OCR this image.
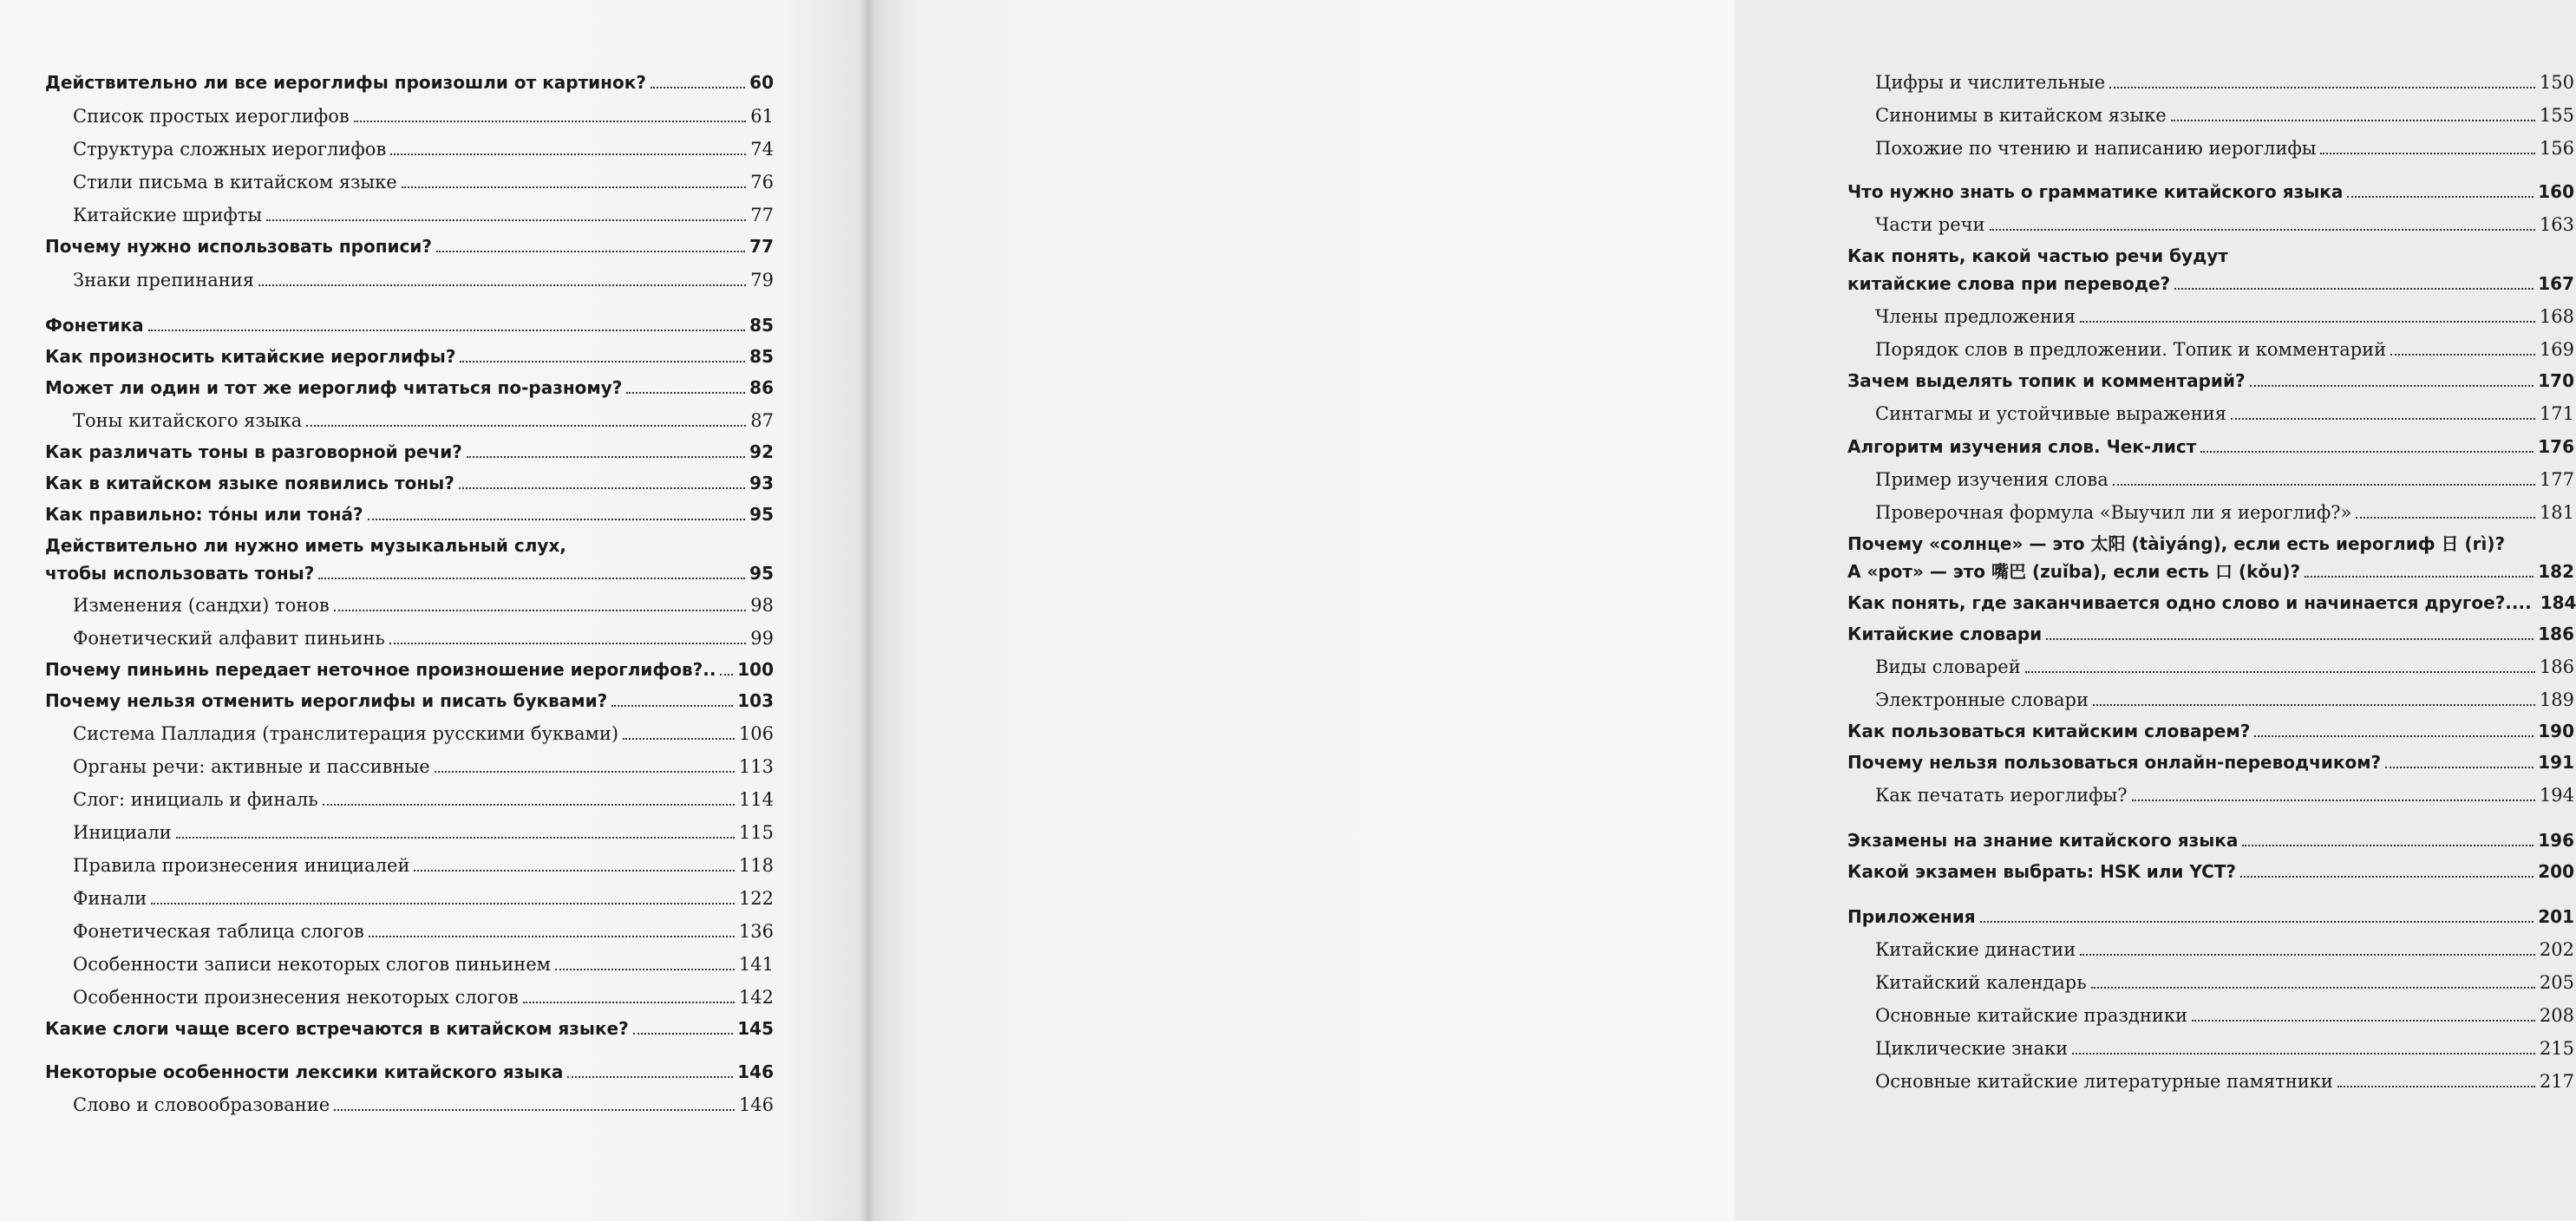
Действительно ли все иероглифы произошли от картинок?	60
Список простых иероглифов	61
Структура сложных иероглифов	74
Стили письма в китайском языке	76
Китайские шрифты	77
Почему нужно использовать прописи?	77
Знаки препинания	79
Фонетика	85
Как произносить китайские иероглифы?	85
Может ли один и тот же иероглиф читаться по-разному?	86
Тоны китайского языка	87
Как различать тоны в разговорной речи?	92
Как в китайском языке появились тоны?	93
Как правильно: то́ны или тона́?	95
Действительно ли нужно иметь музыкальный слух,
чтобы использовать тоны?	95
Изменения (сандхи) тонов	98
Фонетический алфавит пиньинь	99
Почему пиньинь передает неточное произношение иероглифов?.. 100
Почему нельзя отменить иероглифы и писать буквами?	103
Система Палладия (транслитерация русскими буквами)	106
Органы речи: активные и пассивные	113
Слог: инициаль и финаль	114
Инициали	115
Правила произнесения инициалей	118
Финали	122
Фонетическая таблица слогов	136
Особенности записи некоторых слогов пиньинем	141
Особенности произнесения некоторых слогов	142
Какие слоги чаще всего встречаются в китайском языке?	145
Некоторые особенности лексики китайского языка	146
Слово и словообразование	146
Цифры и числительные	150
Синонимы в китайском языке	155
Похожие по чтению и написанию иероглифы	156
Что нужно знать о грамматике китайского языка	160
Части речи	163
Как понять, какой частью речи будут
китайские слова при переводе?	167
Члены предложения	168
Порядок слов в предложении. Топик и комментарий	169
Зачем выделять топик и комментарий?	170
Синтагмы и устойчивые выражения	171
Алгоритм изучения слов. Чек-лист	176
Пример изучения слова	177
Проверочная формула «Выучил ли я иероглиф?»	181
Почему «солнце» — это 太阳 (tàiyáng), если есть иероглиф 日 (rì)?
А «рот» — это 嘴巴 (zuǐba), если есть 口 (kǒu)?	182
Как понять, где заканчивается одно слово и начинается другое?.... 184
Китайские словари	186
Виды словарей	186
Электронные словари	189
Как пользоваться китайским словарем?	190
Почему нельзя пользоваться онлайн-переводчиком?	191
Как печатать иероглифы?	194
Экзамены на знание китайского языка	196
Какой экзамен выбрать: HSK или YCT?	200
Приложения	201
Китайские династии	202
Китайский календарь	205
Основные китайские праздники	208
Циклические знаки	215
Основные китайские литературные памятники	217
